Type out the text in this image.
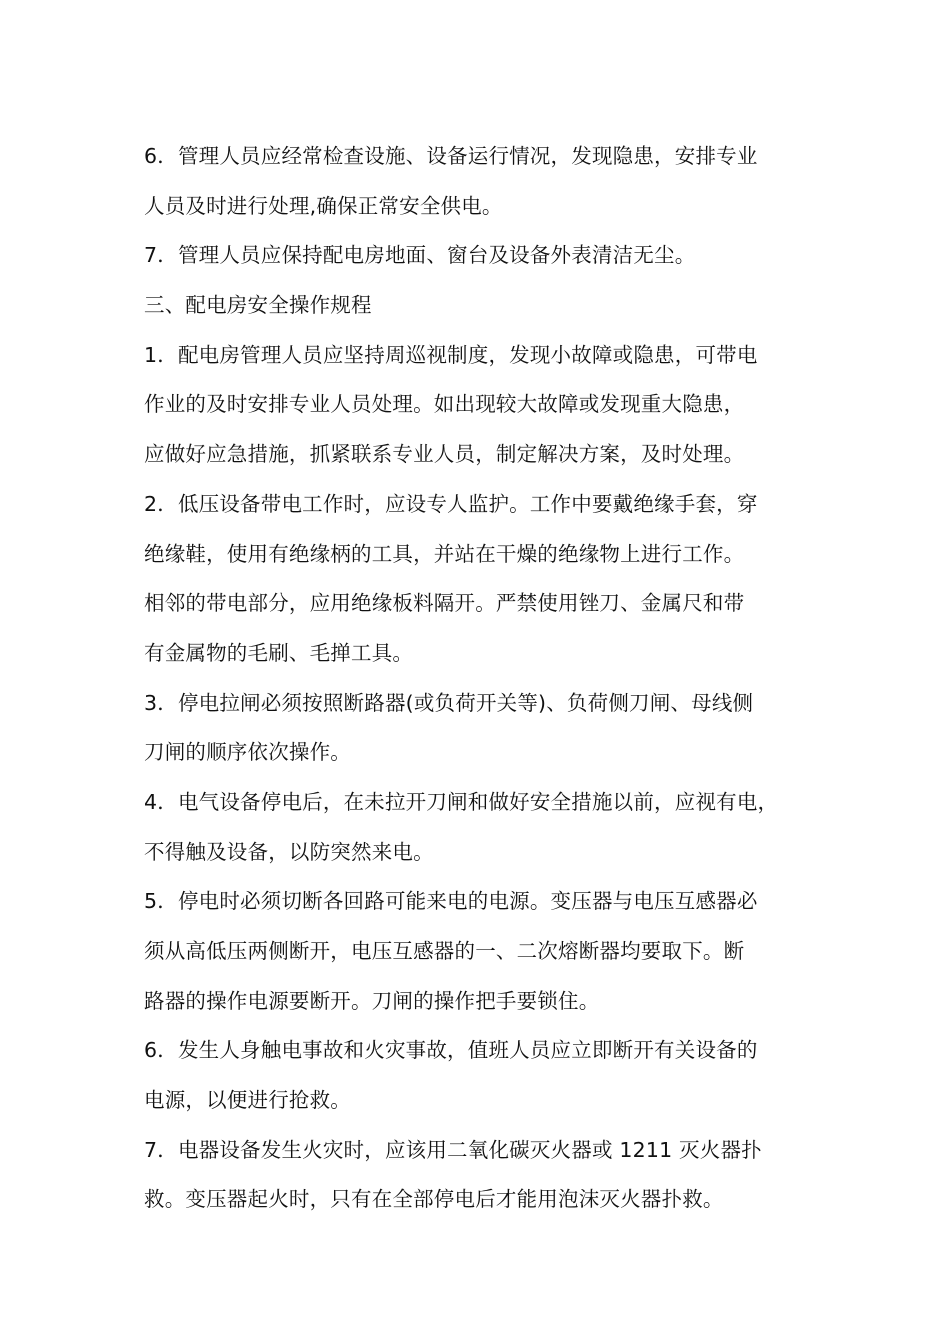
6．管理人员应经常检查设施、设备运行情况，发现隐患，安排专业
人员及时进行处理,确保正常安全供电。
7．管理人员应保持配电房地面、窗台及设备外表清洁无尘。
三、配电房安全操作规程
1．配电房管理人员应坚持周巡视制度，发现小故障或隐患，可带电
作业的及时安排专业人员处理。如出现较大故障或发现重大隐患，
应做好应急措施，抓紧联系专业人员，制定解决方案，及时处理。
2．低压设备带电工作时，应设专人监护。工作中要戴绝缘手套，穿
绝缘鞋，使用有绝缘柄的工具，并站在干燥的绝缘物上进行工作。
相邻的带电部分，应用绝缘板料隔开。严禁使用锉刀、金属尺和带
有金属物的毛刷、毛掸工具。
3．停电拉闸必须按照断路器(或负荷开关等)、负荷侧刀闸、母线侧
刀闸的顺序依次操作。
4．电气设备停电后，在未拉开刀闸和做好安全措施以前，应视有电，
不得触及设备，以防突然来电。
5．停电时必须切断各回路可能来电的电源。变压器与电压互感器必
须从高低压两侧断开，电压互感器的一、二次熔断器均要取下。断
路器的操作电源要断开。刀闸的操作把手要锁住。
6．发生人身触电事故和火灾事故，值班人员应立即断开有关设备的
电源，以便进行抢救。
7．电器设备发生火灾时，应该用二氧化碳灭火器或 1211 灭火器扑
救。变压器起火时，只有在全部停电后才能用泡沫灭火器扑救。
